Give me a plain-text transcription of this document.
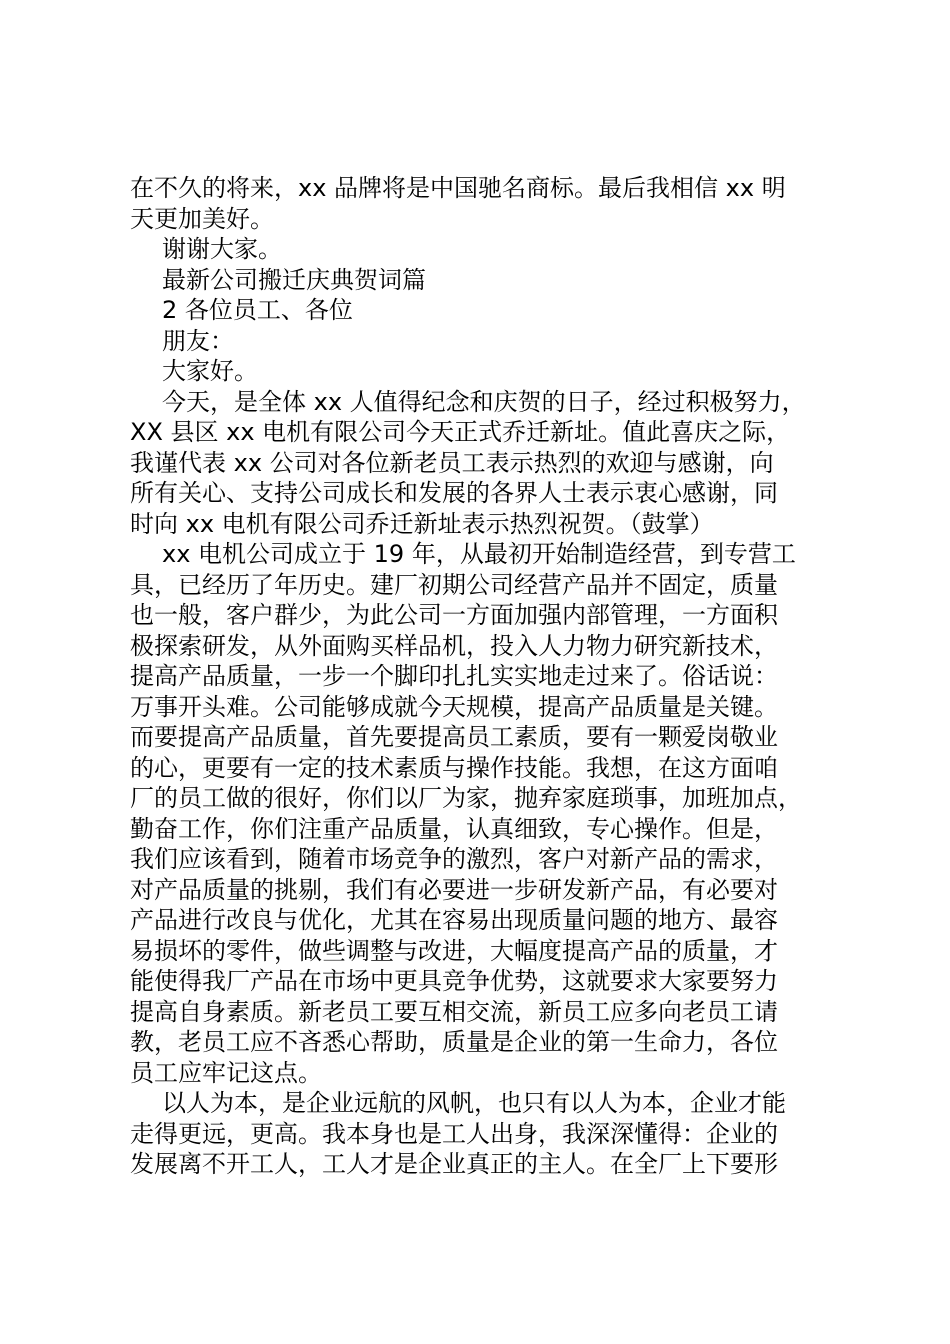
在不久的将来，xx 品牌将是中国驰名商标。最后我相信 xx 明
天更加美好。
谢谢大家。
最新公司搬迁庆典贺词篇
2 各位员工、各位
朋友：
大家好。
今天，是全体 xx 人值得纪念和庆贺的日子，经过积极努力，
XX 县区 xx 电机有限公司今天正式乔迁新址。值此喜庆之际，
我谨代表 xx 公司对各位新老员工表示热烈的欢迎与感谢，向
所有关心、支持公司成长和发展的各界人士表示衷心感谢，同
时向 xx 电机有限公司乔迁新址表示热烈祝贺。（鼓掌）
xx 电机公司成立于 19 年，从最初开始制造经营，到专营工
具，已经历了年历史。建厂初期公司经营产品并不固定，质量
也一般，客户群少，为此公司一方面加强内部管理，一方面积
极探索研发，从外面购买样品机，投入人力物力研究新技术，
提高产品质量，一步一个脚印扎扎实实地走过来了。俗话说：
万事开头难。公司能够成就今天规模，提高产品质量是关键。
而要提高产品质量，首先要提高员工素质，要有一颗爱岗敬业
的心，更要有一定的技术素质与操作技能。我想，在这方面咱
厂的员工做的很好，你们以厂为家，抛弃家庭琐事，加班加点，
勤奋工作，你们注重产品质量，认真细致，专心操作。但是，
我们应该看到，随着市场竞争的激烈，客户对新产品的需求，
对产品质量的挑剔，我们有必要进一步研发新产品，有必要对
产品进行改良与优化，尤其在容易出现质量问题的地方、最容
易损坏的零件，做些调整与改进，大幅度提高产品的质量，才
能使得我厂产品在市场中更具竞争优势，这就要求大家要努力
提高自身素质。新老员工要互相交流，新员工应多向老员工请
教，老员工应不吝悉心帮助，质量是企业的第一生命力，各位
员工应牢记这点。
以人为本，是企业远航的风帆，也只有以人为本，企业才能
走得更远，更高。我本身也是工人出身，我深深懂得：企业的
发展离不开工人，工人才是企业真正的主人。在全厂上下要形
